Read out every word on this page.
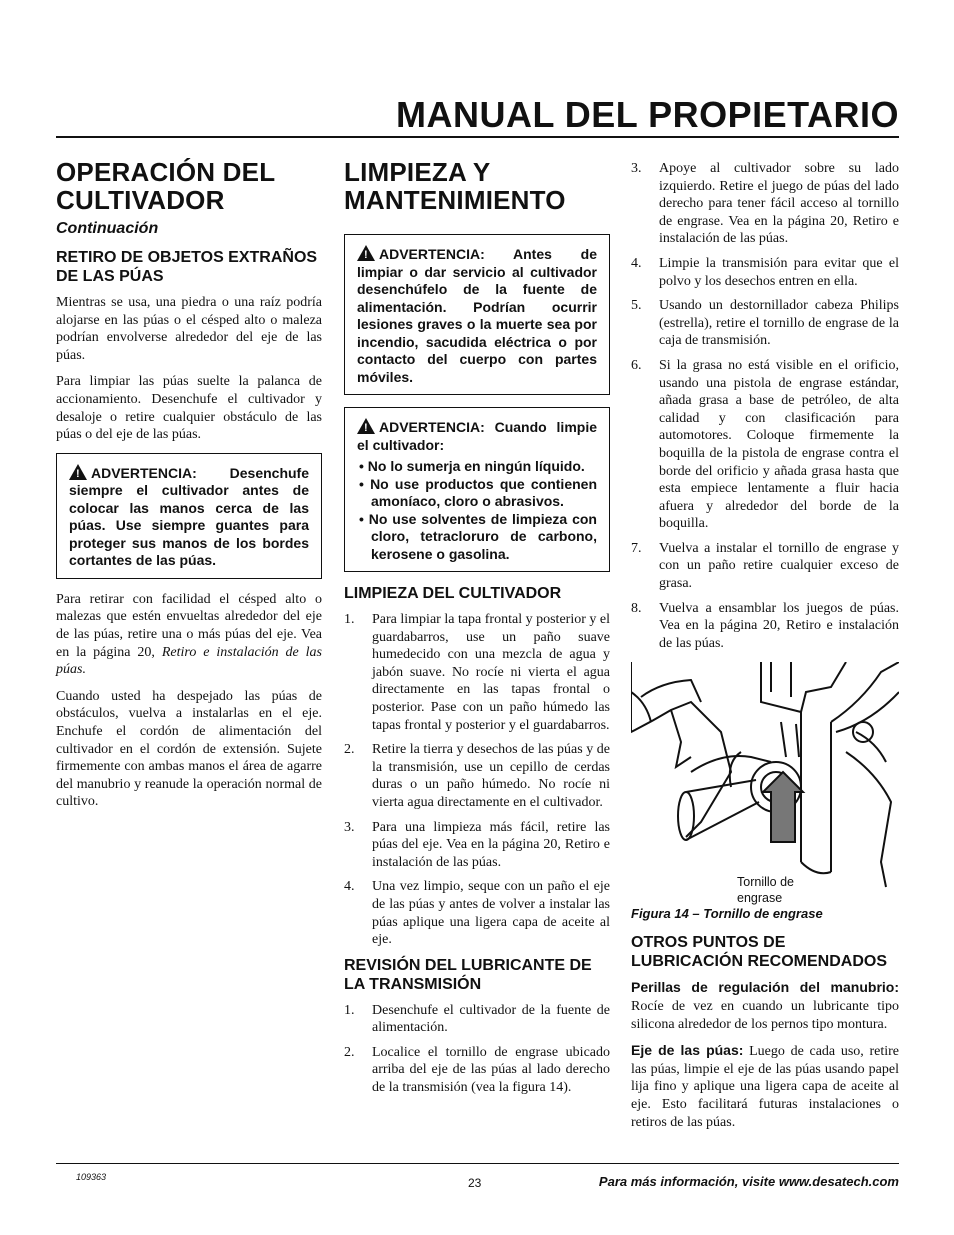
MANUAL DEL PROPIETARIO
OPERACIÓN DEL CULTIVADOR
Continuación
RETIRO DE OBJETOS EXTRAÑOS DE LAS PÚAS

Mientras se usa, una piedra o una raíz podría alojarse en las púas o el césped alto o maleza podrían envolverse alrededor del eje de las púas.

Para limpiar las púas suelte la palanca de accionamiento. Desenchufe el cultivador y desaloje o retire cualquier obstáculo de las púas o del eje de las púas.

!ADVERTENCIA: Desenchufe siempre el cultivador antes de colocar las manos cerca de las púas. Use siempre guantes para proteger sus manos de los bordes cortantes de las púas.

Para retirar con facilidad el césped alto o malezas que estén envueltas alrededor del eje de las púas, retire una o más púas del eje. Vea en la página 20, Retiro e instalación de las púas.

Cuando usted ha despejado las púas de obstáculos, vuelva a instalarlas en el eje. Enchufe el cordón de alimentación del cultivador en el cordón de extensión. Sujete firmemente con ambas manos el área de agarre del manubrio y reanude la operación normal de cultivo.

LIMPIEZA Y MANTENIMIENTO
!ADVERTENCIA: Antes de limpiar o dar servicio al cultivador desenchúfelo de la fuente de alimentación. Podrían ocurrir lesiones graves o la muerte sea por incendio, sacudida eléctrica o por contacto del cuerpo con partes móviles.
!ADVERTENCIA: Cuando limpie el cultivador:
• No lo sumerja en ningún líquido.
• No use productos que contienen amoníaco, cloro o abrasivos.
• No use solventes de limpieza con cloro, tetracloruro de carbono, kerosene o gasolina.
LIMPIEZA DEL CULTIVADOR
1.	Para limpiar la tapa frontal y posterior y el guardabarros, use un paño suave humedecido con una mezcla de agua y jabón suave. No rocíe ni vierta el agua directamente en las tapas frontal o posterior. Pase con un paño húmedo las tapas frontal y posterior y el guardabarros.
2.	Retire la tierra y desechos de las púas y de la transmisión, use un cepillo de cerdas duras o un paño húmedo. No rocíe ni vierta agua directamente en el cultivador.
3.	Para una limpieza más fácil, retire las púas del eje. Vea en la página 20, Retiro e instalación de las púas.
4.	Una vez limpio, seque con un paño el eje de las púas y antes de volver a instalar las púas aplique una ligera capa de aceite al eje.
REVISIÓN DEL LUBRICANTE DE LA TRANSMISIÓN
1.	Desenchufe el cultivador de la fuente de alimentación.
2.	Localice el tornillo de engrase ubicado arriba del eje de las púas al lado derecho de la transmisión (vea la figura 14).
3.	Apoye al cultivador sobre su lado izquierdo. Retire el juego de púas del lado derecho para tener fácil acceso al tornillo de engrase. Vea en la página 20, Retiro e instalación de las púas.
4.	Limpie la transmisión para evitar que el polvo y los desechos entren en ella.
5.	Usando un destornillador cabeza Philips (estrella), retire el tornillo de engrase de la caja de transmisión.
6.	Si la grasa no está visible en el orificio, usando una pistola de engrase estándar, añada grasa a base de petróleo, de alta calidad y con clasificación para automotores. Coloque firmemente la boquilla de la pistola de engrase contra el borde del orificio y añada grasa hasta que esta empiece lentamente a fluir hacia afuera y alrededor del borde de la boquilla.
7.	Vuelva a instalar el tornillo de engrase y con un paño retire cualquier exceso de grasa.
8.	Vuelva a ensamblar los juegos de púas. Vea en la página 20, Retiro e instalación de las púas.
Tornillo de engrase
Figura 14 – Tornillo de engrase
OTROS PUNTOS DE LUBRICACIÓN RECOMENDADOS

Perillas de regulación del manubrio: Rocíe de vez en cuando un lubricante tipo silicona alrededor de los pernos tipo montura.

Eje de las púas: Luego de cada uso, retire las púas, limpie el eje de las púas usando papel lija fino y aplique una ligera capa de aceite al eje. Esto facilitará futuras instalaciones o retiros de las púas.

109363	23	Para más información, visite www.desatech.com
